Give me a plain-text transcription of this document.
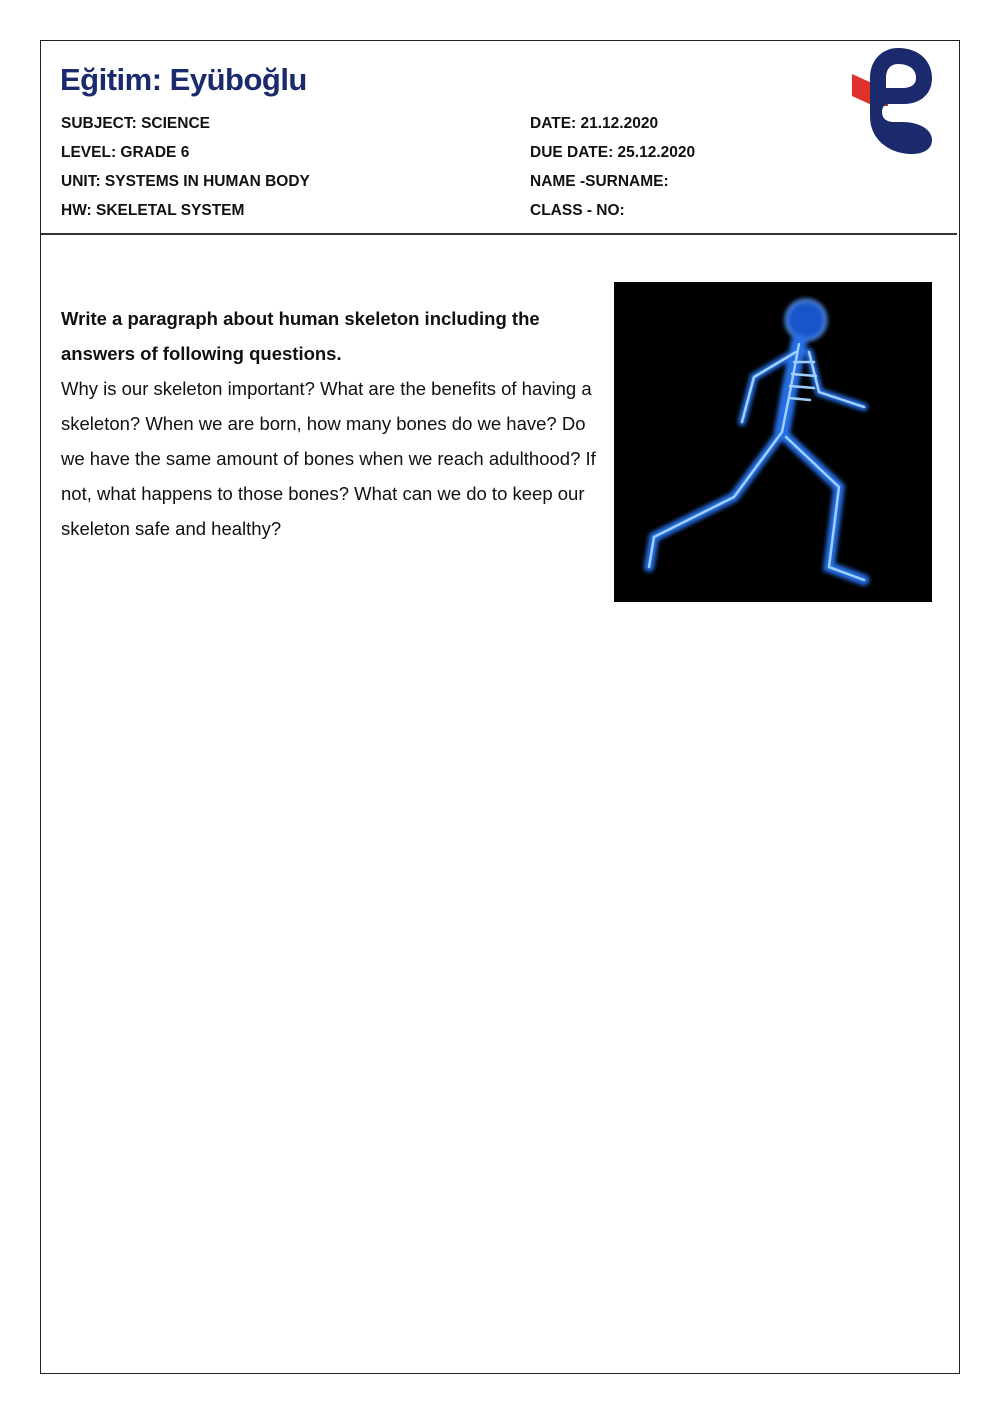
Eğitim: Eyüboğlu
SUBJECT: SCIENCE
LEVEL: GRADE 6
UNIT: SYSTEMS IN HUMAN BODY
HW: SKELETAL SYSTEM
DATE: 21.12.2020
DUE DATE: 25.12.2020
NAME -SURNAME:
CLASS - NO:
Write a paragraph about human skeleton including the answers of following questions.
Why is our skeleton important? What are the benefits of having a skeleton? When we are born, how many bones do we have? Do we have the same amount of bones when we reach adulthood? If not, what happens to those bones? What can we do to keep our skeleton safe and healthy?
